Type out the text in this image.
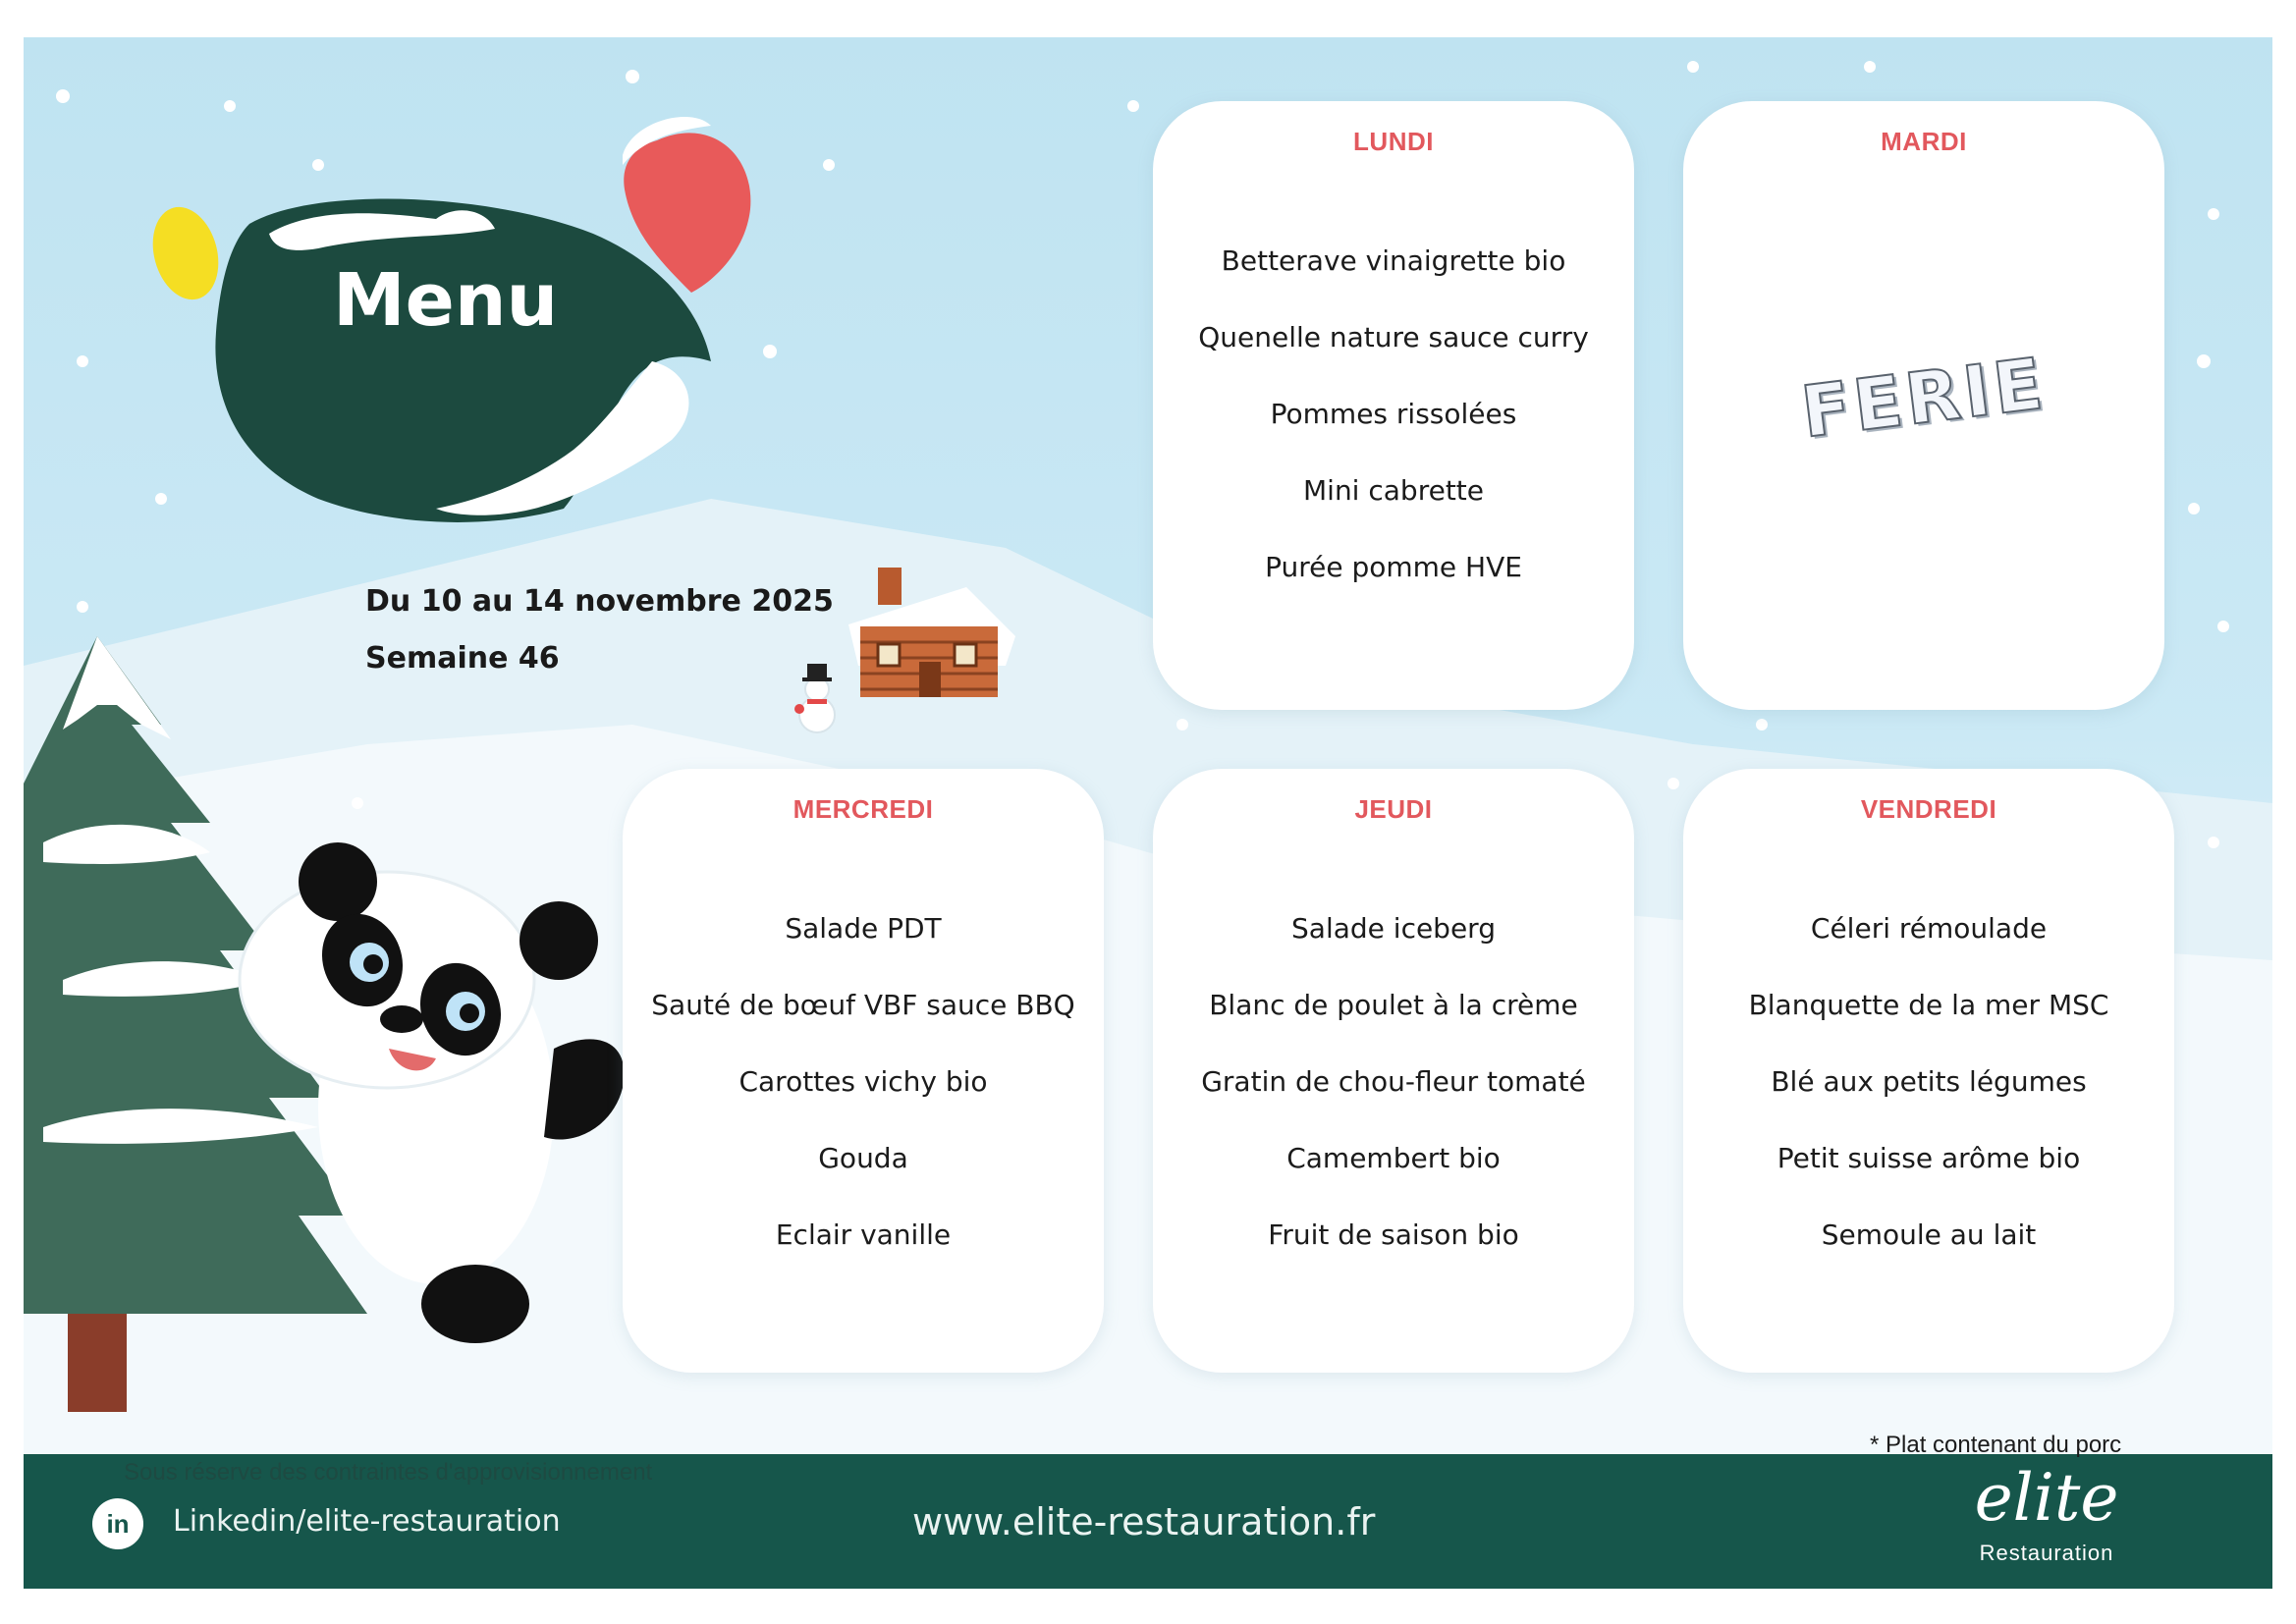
Menu
Du 10 au 14 novembre 2025
Semaine 46
LUNDI
Betterave vinaigrette bio
Quenelle nature sauce curry
Pommes rissolées
Mini cabrette
Purée pomme HVE
MARDI
FERIE
MERCREDI
Salade PDT
Sauté de bœuf VBF sauce BBQ
Carottes vichy bio
Gouda
Eclair vanille
JEUDI
Salade iceberg
Blanc de poulet à la crème
Gratin de chou-fleur tomaté
Camembert bio
Fruit de saison bio
VENDREDI
Céleri rémoulade
Blanquette de la mer MSC
Blé aux petits légumes
Petit suisse arôme bio
Semoule au lait
* Plat contenant du porc
Sous réserve des contraintes d'approvisionnement
in	Linkedin/elite-restauration	www.elite-restauration.fr	elite
Restauration
